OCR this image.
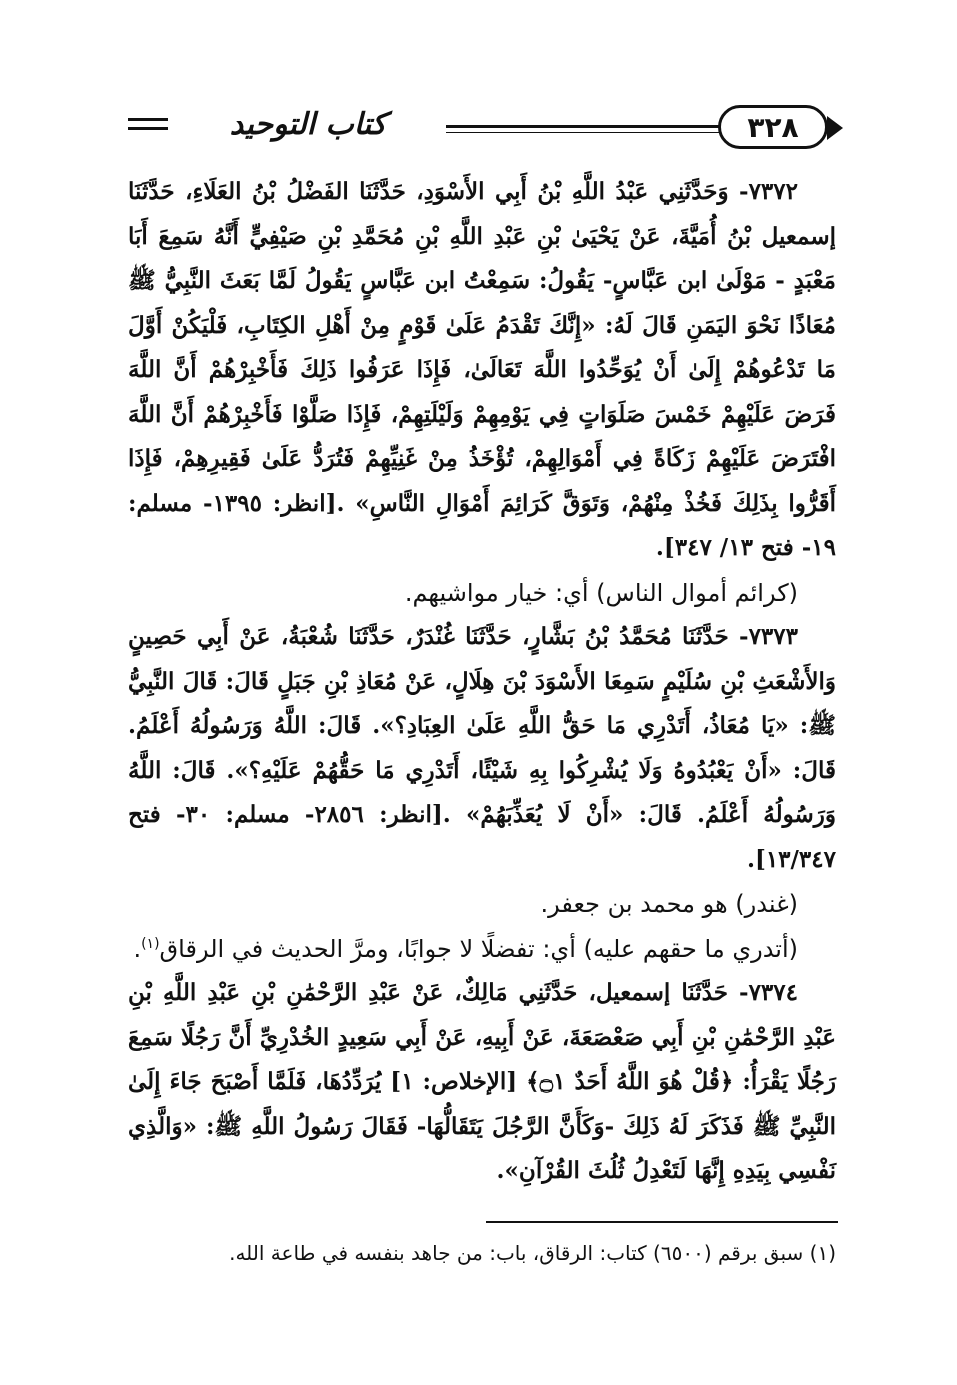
كتاب التوحيد	٣٢٨

٧٣٧٢- وَحَدَّثَنِي عَبْدُ اللَّهِ بْنُ أَبِي الأَسْوَدِ، حَدَّثَنَا الفَضْلُ بْنُ العَلَاءِ، حَدَّثَنَا إسمعيل بْنُ أُمَيَّةَ، عَنْ يَحْيَىٰ بْنِ عَبْدِ اللَّهِ بْنِ مُحَمَّدِ بْنِ صَيْفِيٍّ أَنَّهُ سَمِعَ أَبَا مَعْبَدٍ - مَوْلَىٰ ابن عَبَّاسٍ- يَقُولُ: سَمِعْتُ ابن عَبَّاسٍ يَقُولُ لَمَّا بَعَثَ النَّبِيُّ ﷺ مُعَاذًا نَحْوَ اليَمَنِ قَالَ لَهُ: «إِنَّكَ تَقْدَمُ عَلَىٰ قَوْمٍ مِنْ أَهْلِ الكِتَابِ، فَلْيَكُنْ أَوَّلَ مَا تَدْعُوهُمْ إِلَىٰ أَنْ يُوَحِّدُوا اللَّهَ تَعَالَىٰ، فَإِذَا عَرَفُوا ذَلِكَ فَأَخْبِرْهُمْ أَنَّ اللَّهَ فَرَضَ عَلَيْهِمْ خَمْسَ صَلَوَاتٍ فِي يَوْمِهِمْ وَلَيْلَتِهِمْ، فَإِذَا صَلَّوْا فَأَخْبِرْهُمْ أَنَّ اللَّهَ افْتَرَضَ عَلَيْهِمْ زَكَاةً فِي أَمْوَالِهِمْ، تُؤْخَذُ مِنْ غَنِيِّهِمْ فَتُرَدُّ عَلَىٰ فَقِيرِهِمْ، فَإِذَا أَقَرُّوا بِذَلِكَ فَخُذْ مِنْهُمْ، وَتَوَقَّ كَرَائِمَ أَمْوَالِ النَّاسِ» .[انظر: ١٣٩٥- مسلم: ١٩- فتح ١٣/ ٣٤٧].

(كرائم أموال الناس) أي: خيار مواشيهم.

٧٣٧٣- حَدَّثَنَا مُحَمَّدُ بْنُ بَشَّارٍ، حَدَّثَنَا غُنْدَرٌ، حَدَّثَنَا شُعْبَةُ، عَنْ أَبِي حَصِينٍ وَالأَشْعَثِ بْنِ سُلَيْمٍ سَمِعَا الأَسْوَدَ بْنَ هِلَالٍ، عَنْ مُعَاذِ بْنِ جَبَلٍ قَالَ: قَالَ النَّبِيُّ ﷺ: «يَا مُعَاذُ، أَتَدْرِي مَا حَقُّ اللَّهِ عَلَىٰ العِبَادِ؟». قَالَ: اللَّهُ وَرَسُولُهُ أَعْلَمُ. قَالَ: «أَنْ يَعْبُدُوهُ وَلَا يُشْرِكُوا بِهِ شَيْئًا، أَتَدْرِي مَا حَقُّهُمْ عَلَيْهِ؟». قَالَ: اللَّهُ وَرَسُولُهُ أَعْلَمُ. قَالَ: «أَنْ لَا يُعَذِّبَهُمْ» .[انظر: ٢٨٥٦- مسلم: ٣٠- فتح ١٣/٣٤٧].

(غندر) هو محمد بن جعفر.

(أتدري ما حقهم عليه) أي: تفضلًا لا جوابًا، ومرَّ الحديث في الرقاق$^{(١)}$.

٧٣٧٤- حَدَّثَنَا إسمعيل، حَدَّثَنِي مَالِكٌ، عَنْ عَبْدِ الرَّحْمَٰنِ بْنِ عَبْدِ اللَّهِ بْنِ عَبْدِ الرَّحْمَٰنِ بْنِ أَبِي صَعْصَعَةَ، عَنْ أَبِيهِ، عَنْ أَبِي سَعِيدٍ الخُدْرِيِّ أَنَّ رَجُلًا سَمِعَ رَجُلًا يَقْرَأُ: ﴿قُلْ هُوَ اللَّهُ أَحَدٌ ۝١﴾ [الإخلاص: ١] يُرَدِّدُهَا، فَلَمَّا أَصْبَحَ جَاءَ إِلَىٰ النَّبِيِّ ﷺ فَذَكَرَ لَهُ ذَلِكَ -وَكَأَنَّ الرَّجُلَ يَتَقَالُّهَا- فَقَالَ رَسُولُ اللَّهِ ﷺ: «وَالَّذِي نَفْسِي بِيَدِهِ إِنَّهَا لَتَعْدِلُ ثُلُثَ القُرْآنِ».

(١) سبق برقم (٦٥٠٠) كتاب: الرقاق، باب: من جاهد بنفسه في طاعة الله.
